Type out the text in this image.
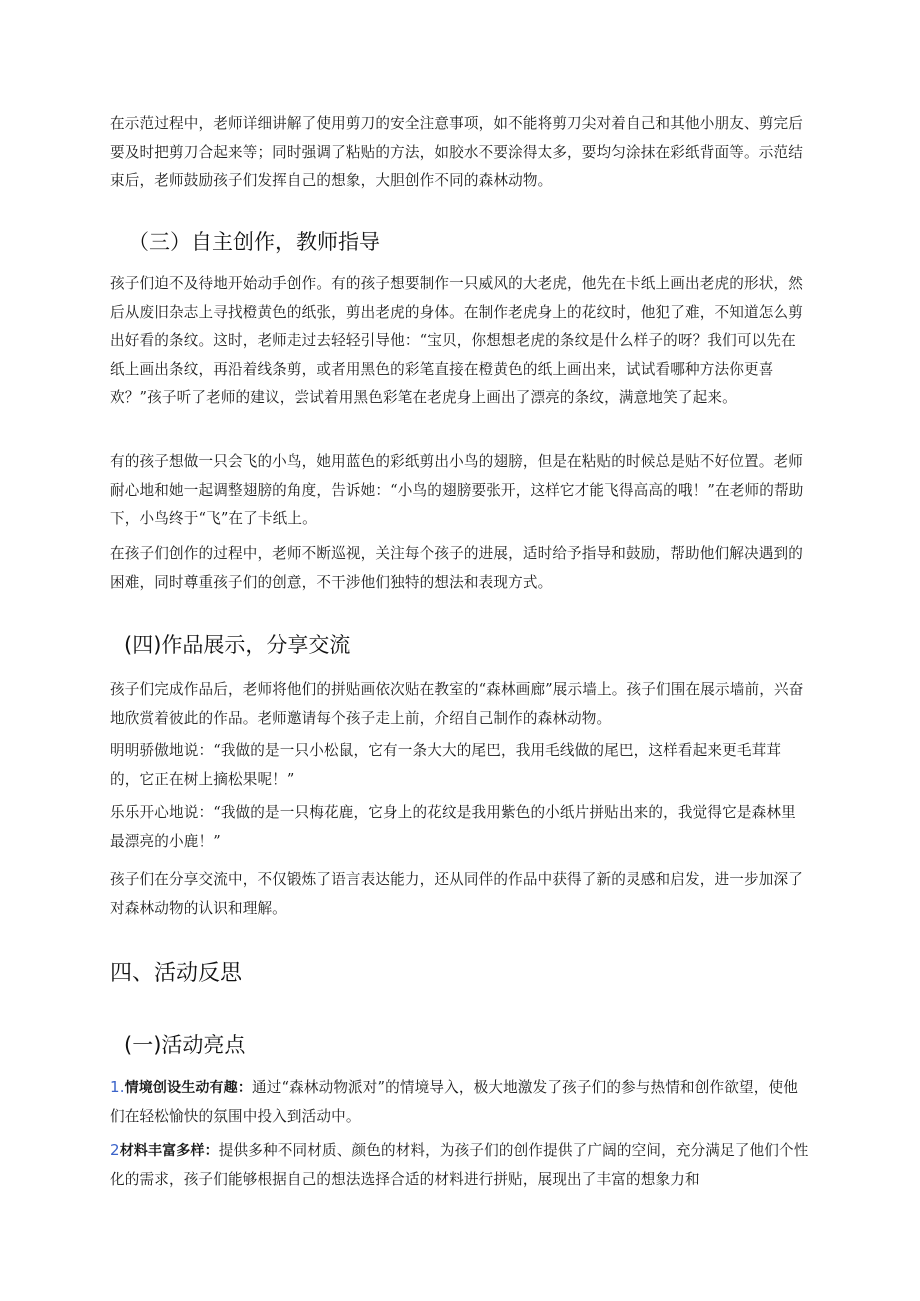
在示范过程中，老师详细讲解了使用剪刀的安全注意事项，如不能将剪刀尖对着自己和其他小朋友、剪完后要及时把剪刀合起来等；同时强调了粘贴的方法，如胶水不要涂得太多，要均匀涂抹在彩纸背面等。示范结束后，老师鼓励孩子们发挥自己的想象，大胆创作不同的森林动物。

（三）自主创作，教师指导

孩子们迫不及待地开始动手创作。有的孩子想要制作一只威风的大老虎，他先在卡纸上画出老虎的形状，然后从废旧杂志上寻找橙黄色的纸张，剪出老虎的身体。在制作老虎身上的花纹时，他犯了难，不知道怎么剪出好看的条纹。这时，老师走过去轻轻引导他：“宝贝，你想想老虎的条纹是什么样子的呀？我们可以先在纸上画出条纹，再沿着线条剪，或者用黑色的彩笔直接在橙黄色的纸上画出来，试试看哪种方法你更喜欢？”孩子听了老师的建议，尝试着用黑色彩笔在老虎身上画出了漂亮的条纹，满意地笑了起来。

有的孩子想做一只会飞的小鸟，她用蓝色的彩纸剪出小鸟的翅膀，但是在粘贴的时候总是贴不好位置。老师耐心地和她一起调整翅膀的角度，告诉她：“小鸟的翅膀要张开，这样它才能飞得高高的哦！”在老师的帮助下，小鸟终于“飞”在了卡纸上。

在孩子们创作的过程中，老师不断巡视，关注每个孩子的进展，适时给予指导和鼓励，帮助他们解决遇到的困难，同时尊重孩子们的创意，不干涉他们独特的想法和表现方式。

(四)作品展示，分享交流

孩子们完成作品后，老师将他们的拼贴画依次贴在教室的“森林画廊”展示墙上。孩子们围在展示墙前，兴奋地欣赏着彼此的作品。老师邀请每个孩子走上前，介绍自己制作的森林动物。

明明骄傲地说：“我做的是一只小松鼠，它有一条大大的尾巴，我用毛线做的尾巴，这样看起来更毛茸茸的，它正在树上摘松果呢！”

乐乐开心地说：“我做的是一只梅花鹿，它身上的花纹是我用紫色的小纸片拼贴出来的，我觉得它是森林里最漂亮的小鹿！”

孩子们在分享交流中，不仅锻炼了语言表达能力，还从同伴的作品中获得了新的灵感和启发，进一步加深了对森林动物的认识和理解。

四、活动反思
(一)活动亮点
1.情境创设生动有趣：通过“森林动物派对”的情境导入，极大地激发了孩子们的参与热情和创作欲望，使他们在轻松愉快的氛围中投入到活动中。
2材料丰富多样：提供多种不同材质、颜色的材料，为孩子们的创作提供了广阔的空间，充分满足了他们个性化的需求，孩子们能够根据自己的想法选择合适的材料进行拼贴，展现出了丰富的想象力和
